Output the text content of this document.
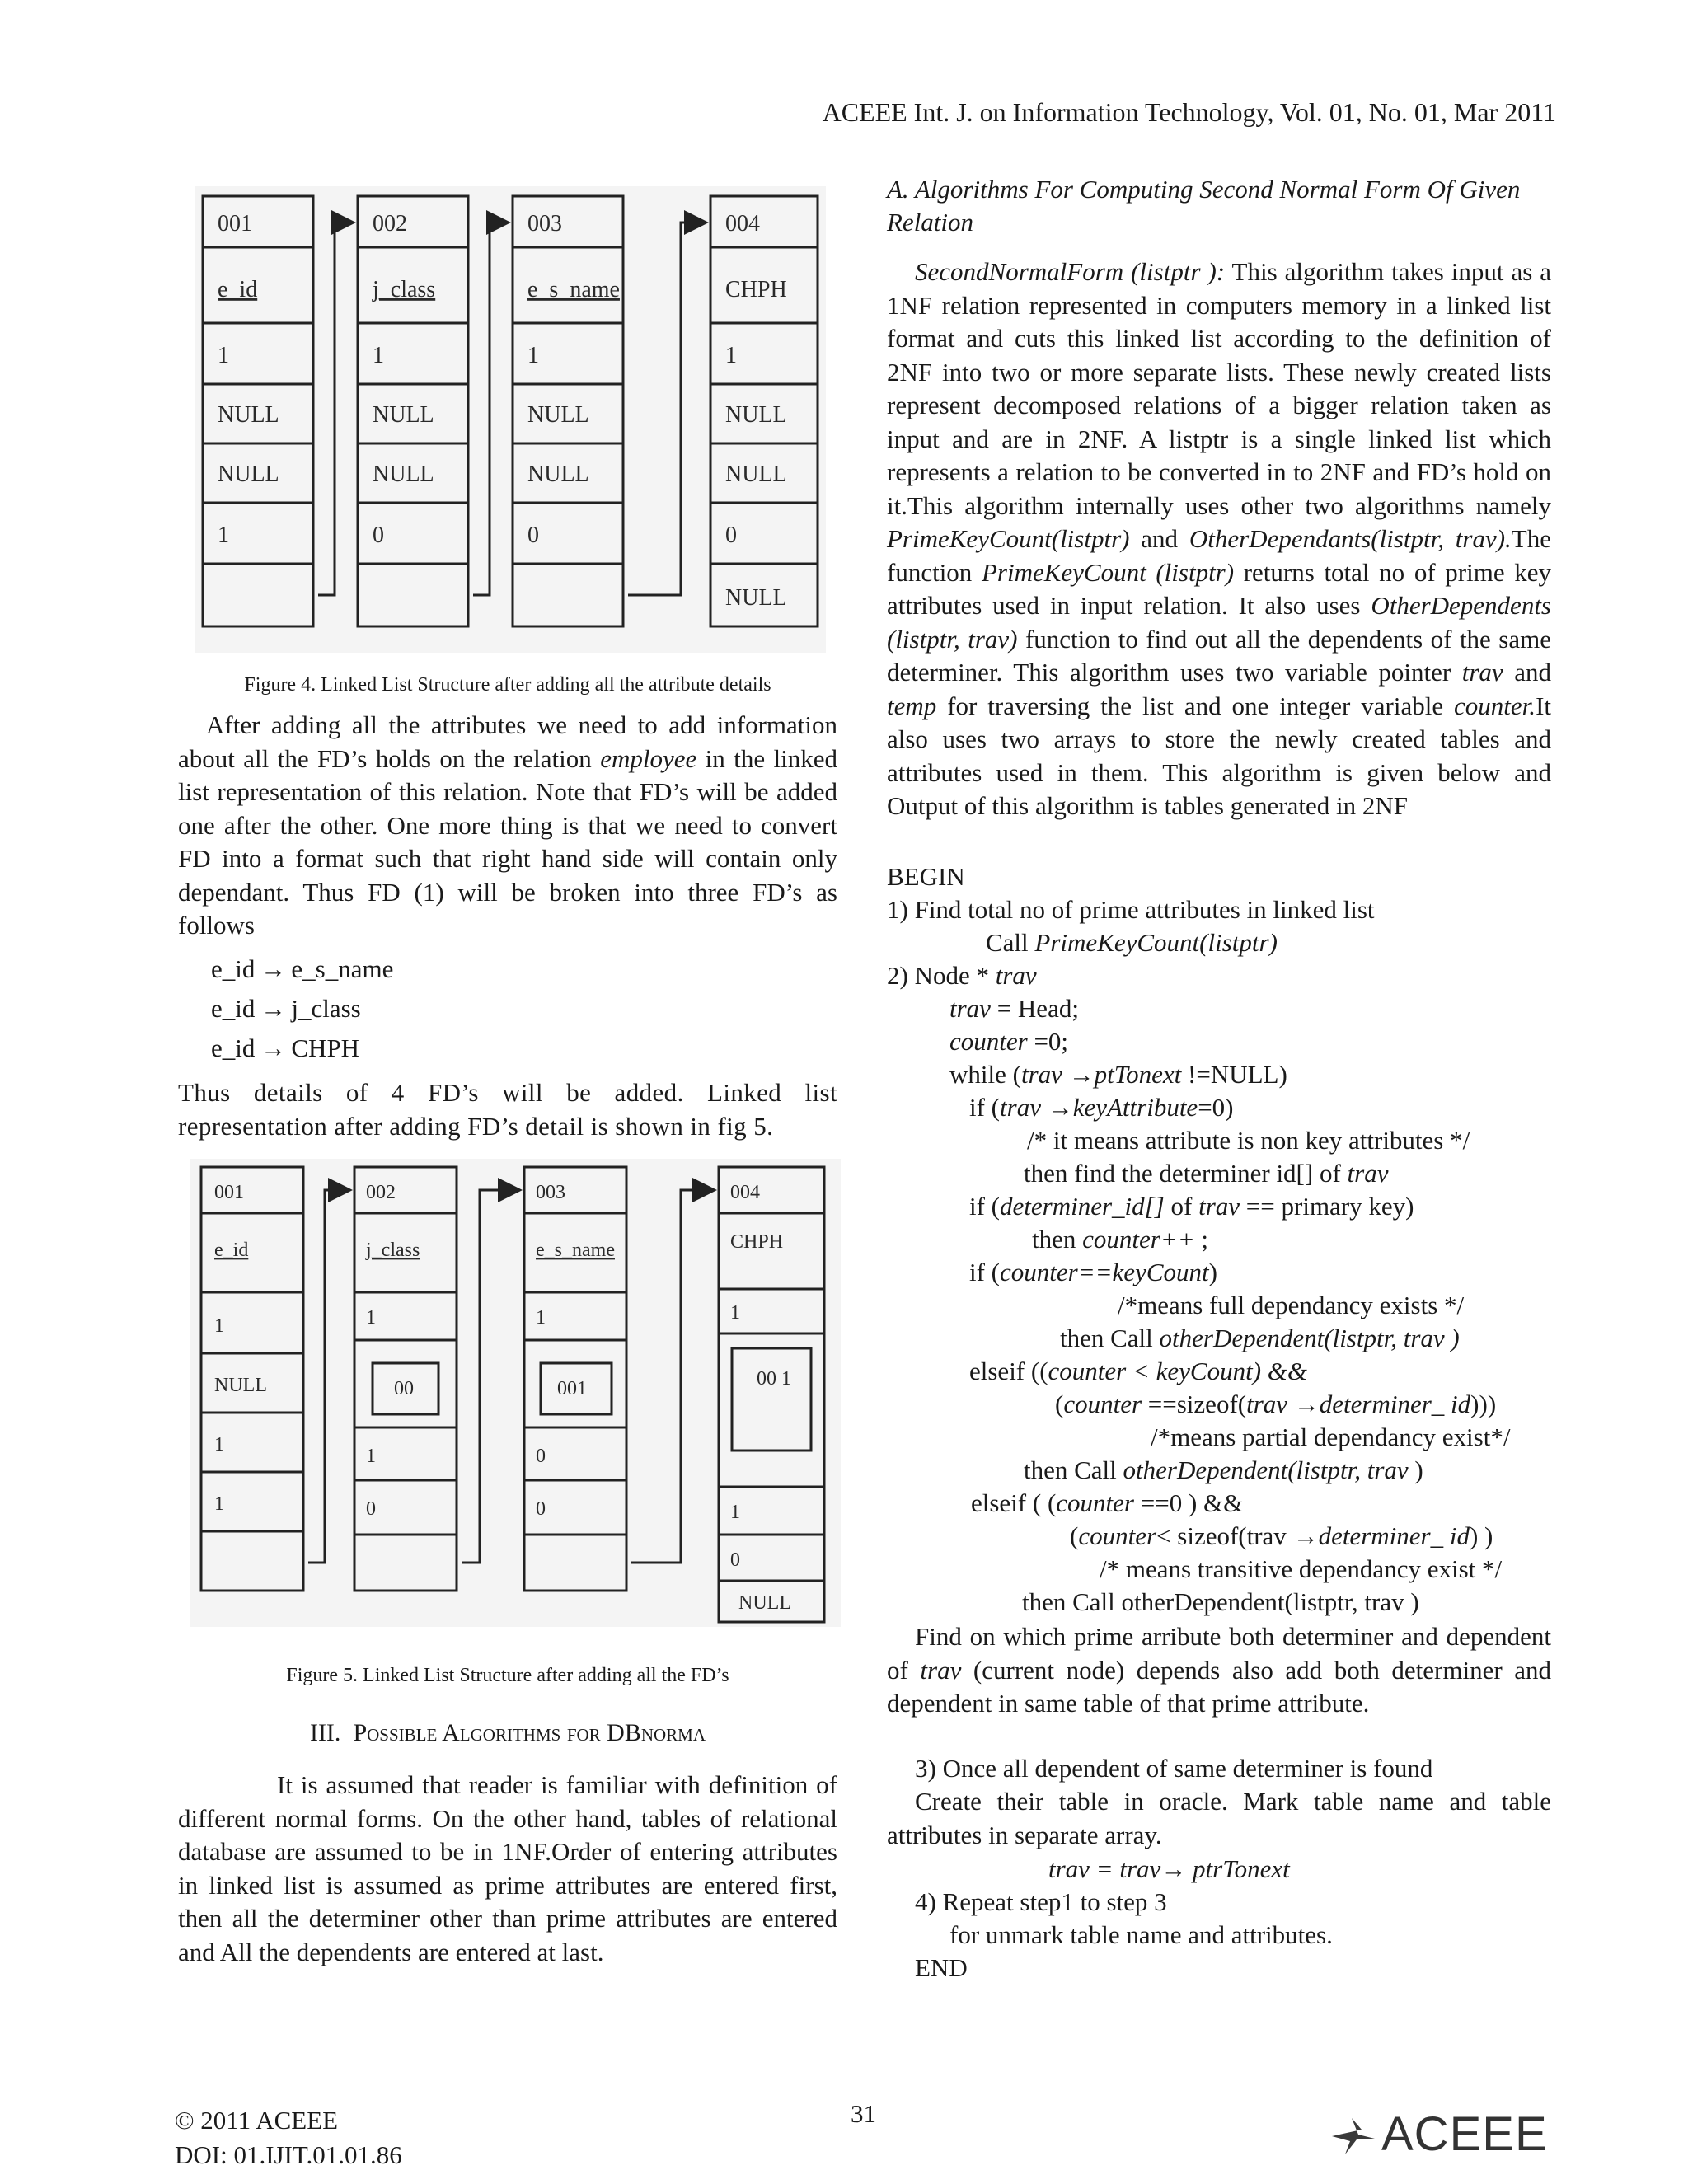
ACEEE Int. J. on Information Technology, Vol. 01, No. 01, Mar 2011
001
e_id
1
NULL
NULL
1
002
j_class
1
NULL
NULL
0
003
e_s_name
1
NULL
NULL
0
004
CHPH
1
NULL
NULL
0
NULL
Figure 4. Linked List Structure after adding all the attribute details

After adding all the attributes we need to add information about all the FD’s holds on the relation employee in the linked list representation of this relation. Note that FD’s will be added one after the other. One more thing is that we need to convert FD into a format such that right hand side will contain only dependant. Thus FD (1) will be broken into three FD’s as follows

e_id → e_s_name
e_id → j_class
e_id → CHPH

Thus details of 4 FD’s will be added. Linked list representation after adding FD’s detail is shown in fig 5.

001
e_id
1
NULL
1
1
002
j_class
1
00
1
0
003
e_s_name
1
001
0
0
004
CHPH
1
00 1
1
0
NULL
Figure 5. Linked List Structure after adding all the FD’s
III. Possible Algorithms for DBnorma

It is assumed that reader is familiar with definition of different normal forms. On the other hand, tables of relational database are assumed to be in 1NF.Order of entering attributes in linked list is assumed as prime attributes are entered first, then all the determiner other than prime attributes are entered and All the dependents are entered at last.

A. Algorithms For Computing Second Normal Form Of Given Relation

SecondNormalForm (listptr ): This algorithm takes input as a 1NF relation represented in computers memory in a linked list format and cuts this linked list according to the definition of 2NF into two or more separate lists. These newly created lists represent decomposed relations of a bigger relation taken as input and are in 2NF. A listptr is a single linked list which represents a relation to be converted in to 2NF and FD’s hold on it.This algorithm internally uses other two algorithms namely PrimeKeyCount(listptr) and OtherDependants(listptr, trav).The function PrimeKeyCount (listptr) returns total no of prime key attributes used in input relation. It also uses OtherDependents (listptr, trav) function to find out all the dependents of the same determiner. This algorithm uses two variable pointer trav and temp for traversing the list and one integer variable counter.It also uses two arrays to store the newly created tables and attributes used in them. This algorithm is given below and Output of this algorithm is tables generated in 2NF

BEGIN
1) Find total no of prime attributes in linked list
Call PrimeKeyCount(listptr)
2) Node * trav
trav = Head;
counter =0;
while (trav →ptTonext !=NULL)
if (trav →keyAttribute=0)
/* it means attribute is non key attributes */
then find the determiner id[] of trav
if (determiner_id[] of trav == primary key)
then counter++ ;
if (counter==keyCount)
/*means full dependancy exists */
then Call otherDependent(listptr, trav )
elseif ((counter < keyCount) &&
(counter ==sizeof(trav →determiner_ id)))
/*means partial dependancy exist*/
then Call otherDependent(listptr, trav )
elseif ( (counter ==0 ) &&
(counter< sizeof(trav →determiner_ id) )
/* means transitive dependancy exist */
then Call otherDependent(listptr, trav )

Find on which prime arribute both determiner and dependent of trav (current node) depends also add both determiner and dependent in same table of that prime attribute.

3) Once all dependent of same determiner is found

Create their table in oracle. Mark table name and table attributes in separate array.

trav = trav→ ptrTonext
4) Repeat step1 to step 3
for unmark table name and attributes.
END
© 2011 ACEEE
DOI: 01.IJIT.01.01.86
31	ACEEE
